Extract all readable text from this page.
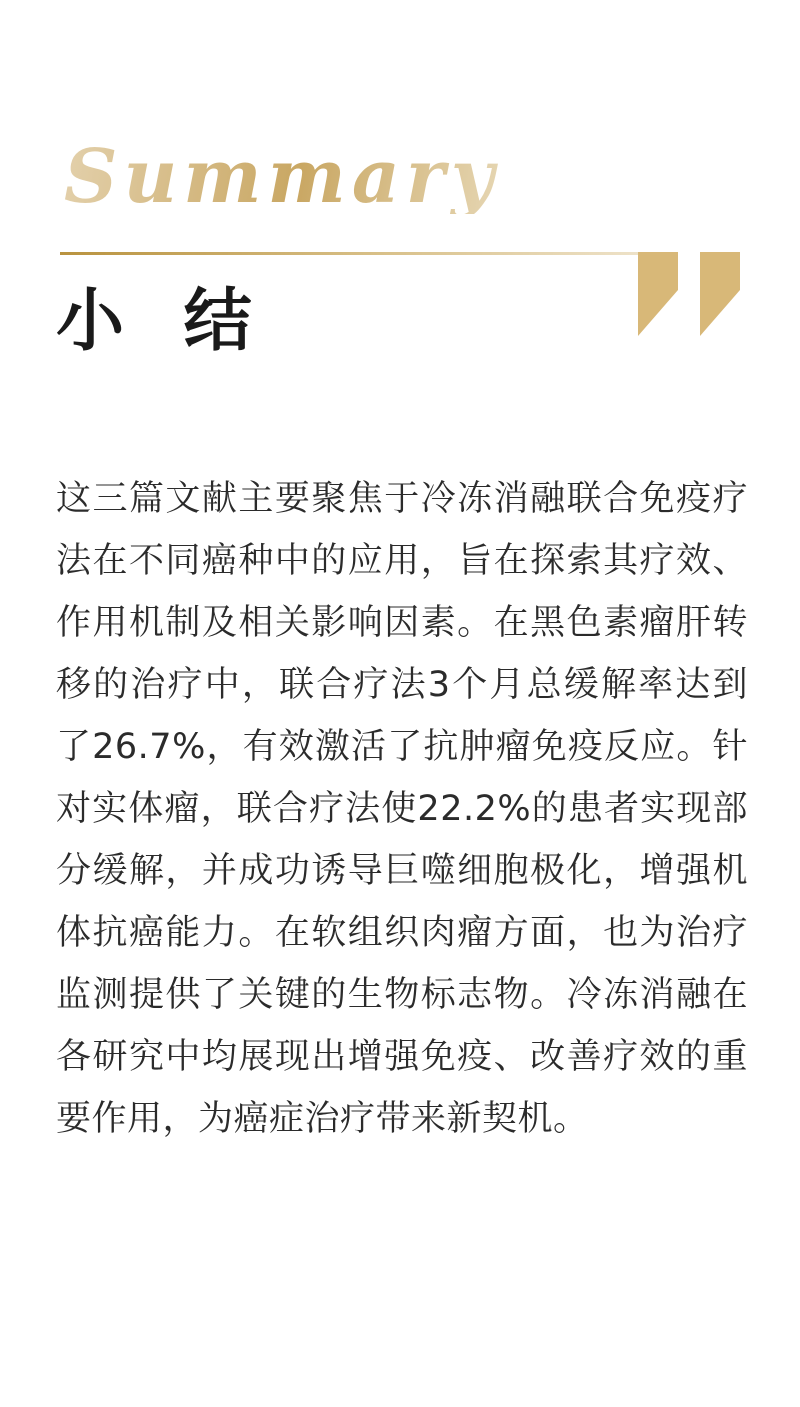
Summary
小 结

这三篇文献主要聚焦于冷冻消融联合免疫疗法在不同癌种中的应用，旨在探索其疗效、作用机制及相关影响因素。在黑色素瘤肝转移的治疗中，联合疗法3个月总缓解率达到了26.7%，有效激活了抗肿瘤免疫反应。针对实体瘤，联合疗法使22.2%的患者实现部分缓解，并成功诱导巨噬细胞极化，增强机体抗癌能力。在软组织肉瘤方面，也为治疗监测提供了关键的生物标志物。冷冻消融在各研究中均展现出增强免疫、改善疗效的重要作用，为癌症治疗带来新契机。
